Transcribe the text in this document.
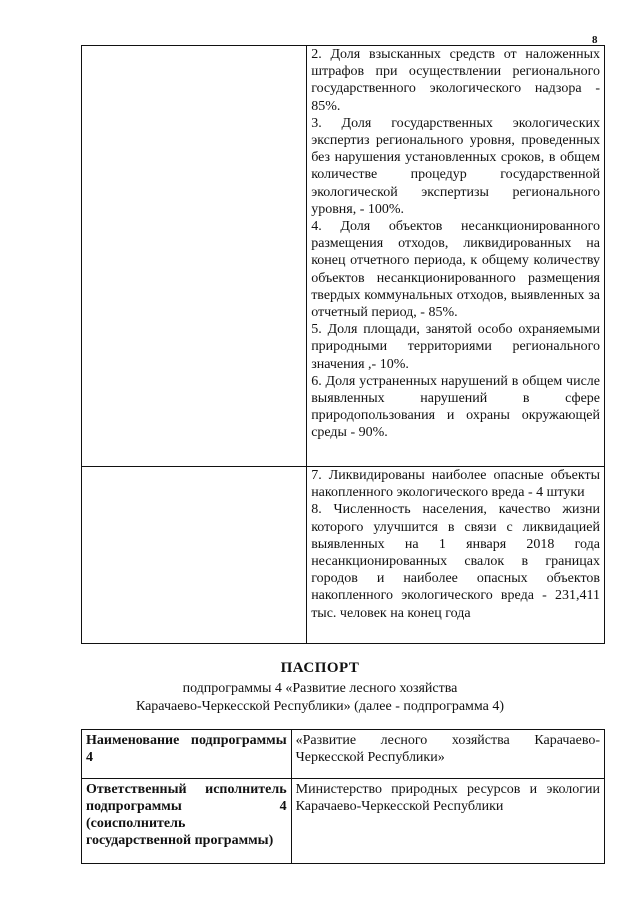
8

	2. Доля взысканных средств от наложенных штрафов при осуществлении регионального государственного экологического надзора - 85%.
3. Доля государственных экологических экспертиз регионального уровня, проведенных без нарушения установленных сроков, в общем количестве процедур государственной экологической экспертизы регионального уровня, - 100%.
4. Доля объектов несанкционированного размещения отходов, ликвидированных на конец отчетного периода, к общему количеству объектов несанкционированного размещения твердых коммунальных отходов, выявленных за отчетный период, - 85%.
5. Доля площади, занятой особо охраняемыми природными территориями регионального значения ,- 10%.
6. Доля устраненных нарушений в общем числе выявленных нарушений в сфере природопользования и охраны окружающей среды - 90%.

	7. Ликвидированы наиболее опасные объекты накопленного экологического вреда - 4 штуки
8. Численность населения, качество жизни которого улучшится в связи с ликвидацией выявленных на 1 января 2018 года несанкционированных свалок в границах городов и наиболее опасных объектов накопленного экологического вреда - 231,411 тыс. человек на конец года
ПАСПОРТ
подпрограммы 4 «Развитие лесного хозяйства
Карачаево-Черкесской Республики» (далее - подпрограмма 4)
Наименование подпрограммы 4	«Развитие лесного хозяйства Карачаево-Черкесской Республики»
Ответственный исполнитель подпрограммы 4 (соисполнитель государственной программы)	Министерство природных ресурсов и экологии Карачаево-Черкесской Республики
